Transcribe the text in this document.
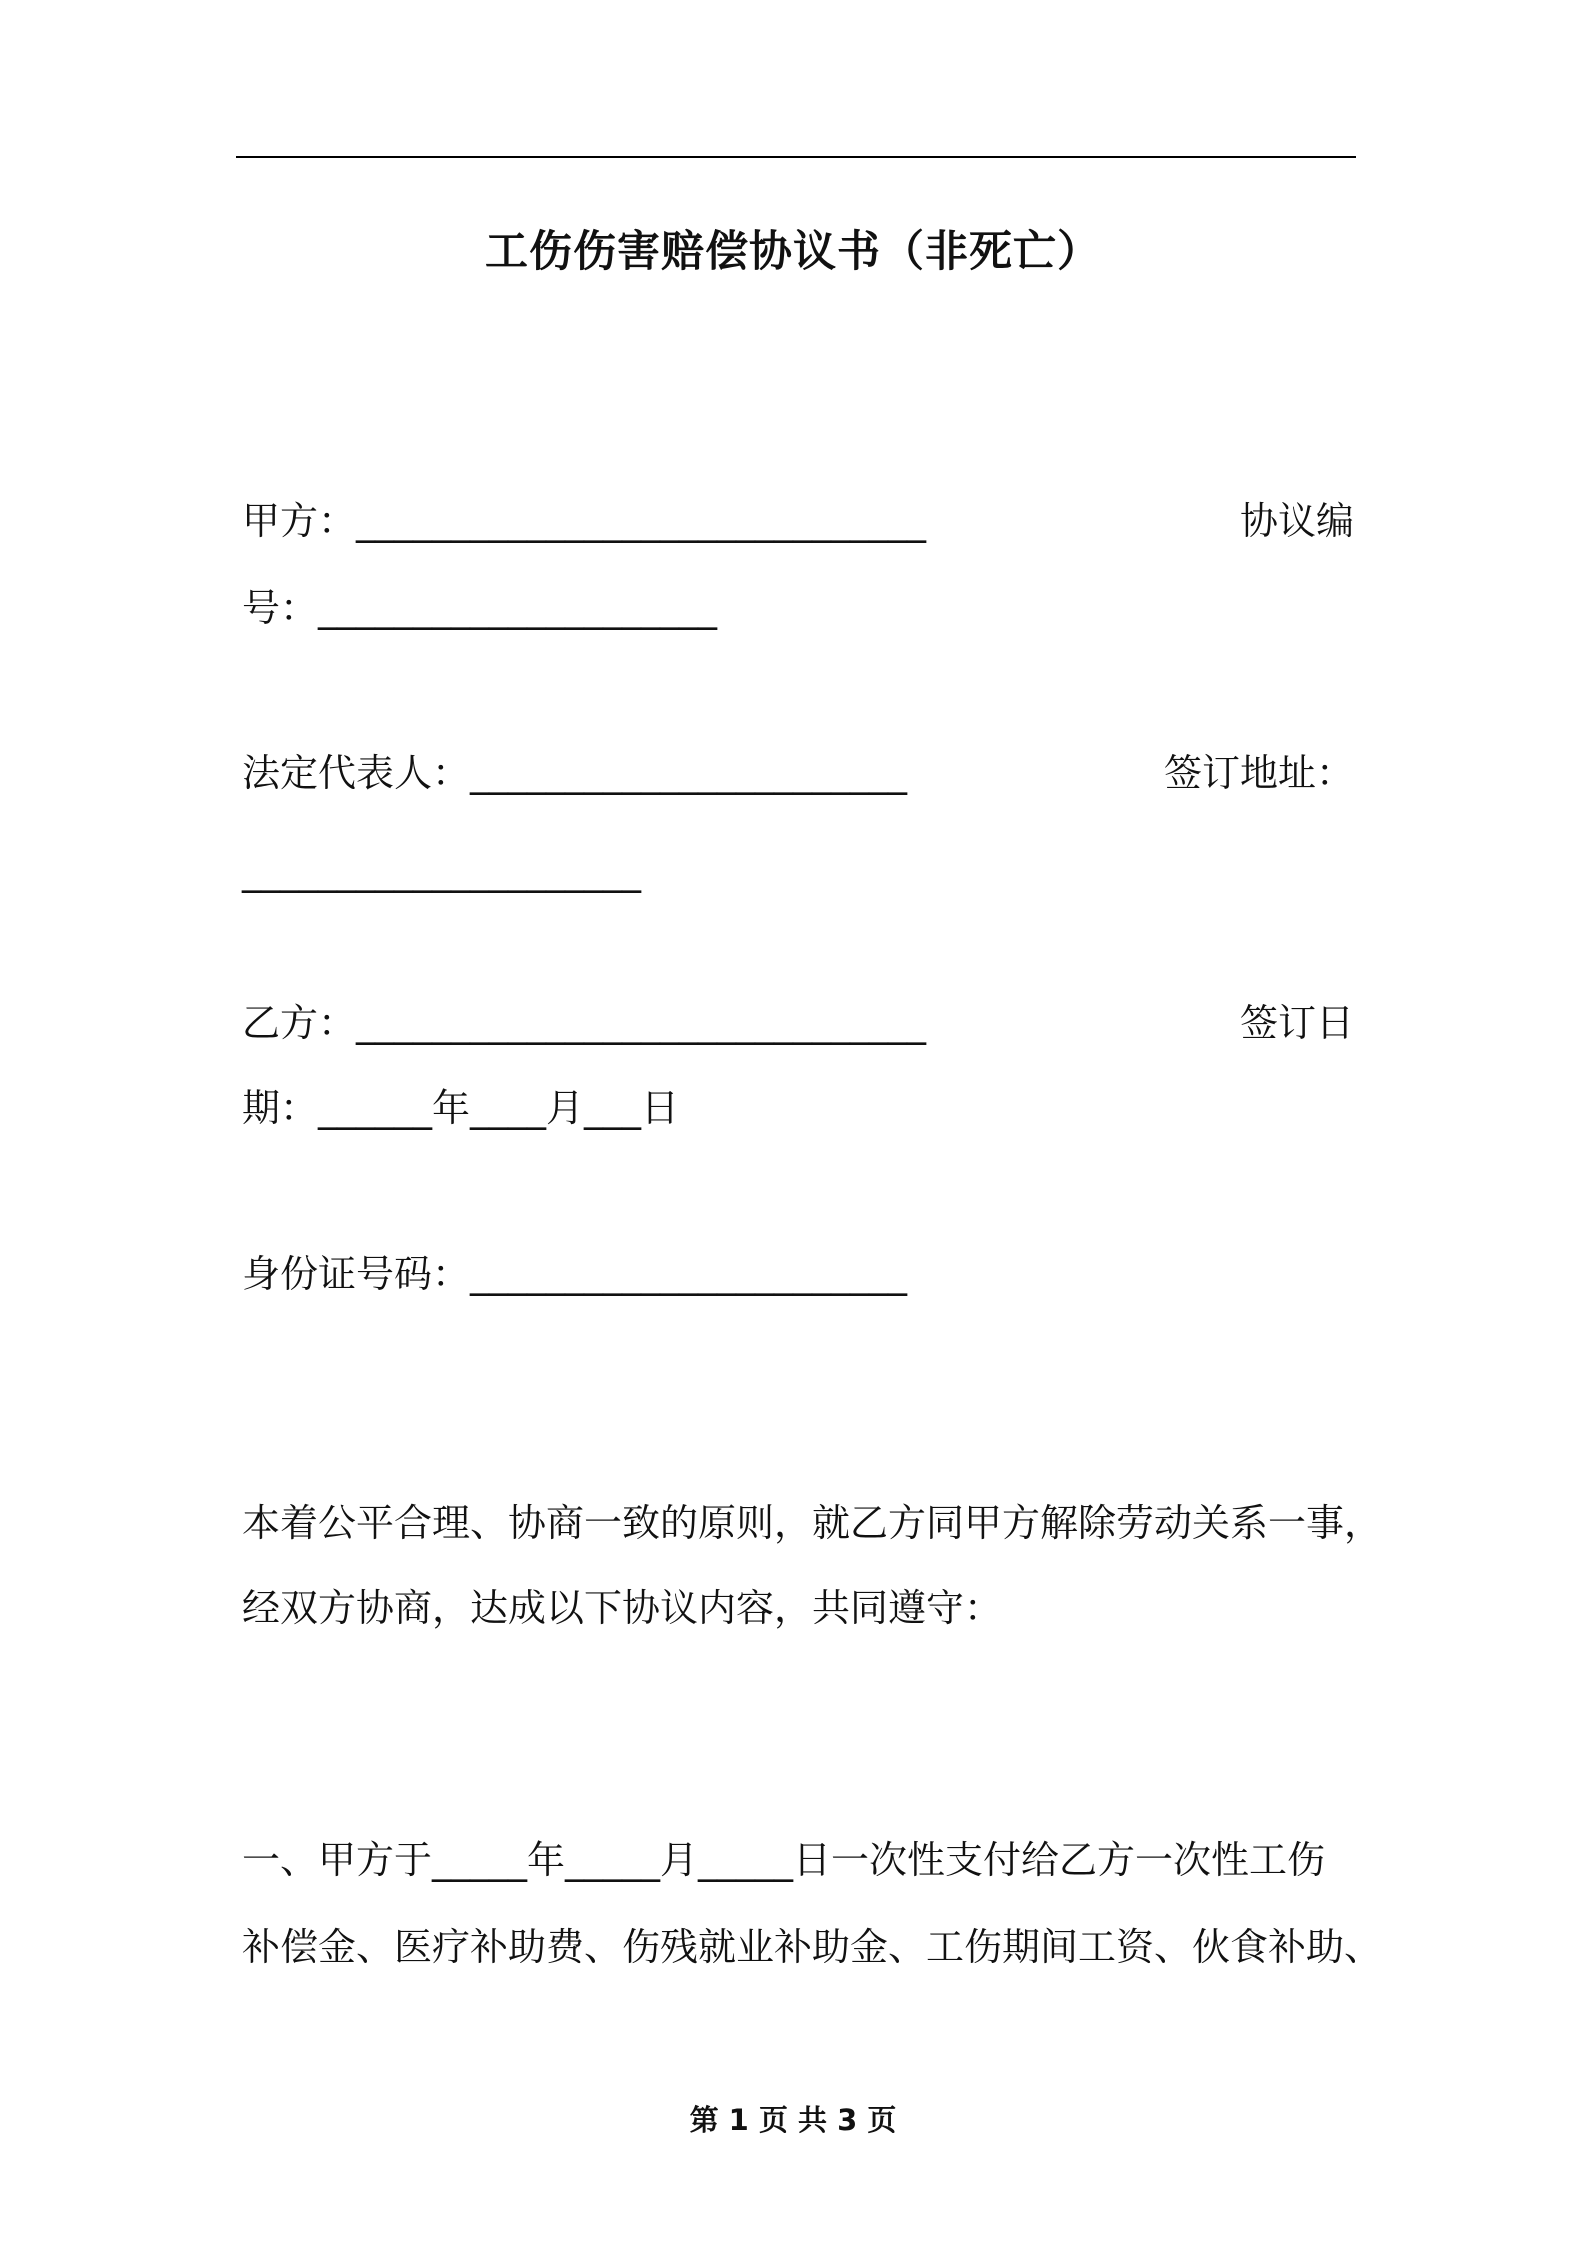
工伤伤害赔偿协议书（非死亡）

甲方：______________________________	协议编

号：_____________________

法定代表人：_______________________	签订地址：

_____________________

乙方：______________________________	签订日

期：______年____月___日

身份证号码：_______________________

本着公平合理、协商一致的原则，就乙方同甲方解除劳动关系一事，

经双方协商，达成以下协议内容，共同遵守：

一、甲方于_____年_____月_____日一次性支付给乙方一次性工伤

补偿金、医疗补助费、伤残就业补助金、工伤期间工资、伙食补助、

第 1 页 共 3 页
